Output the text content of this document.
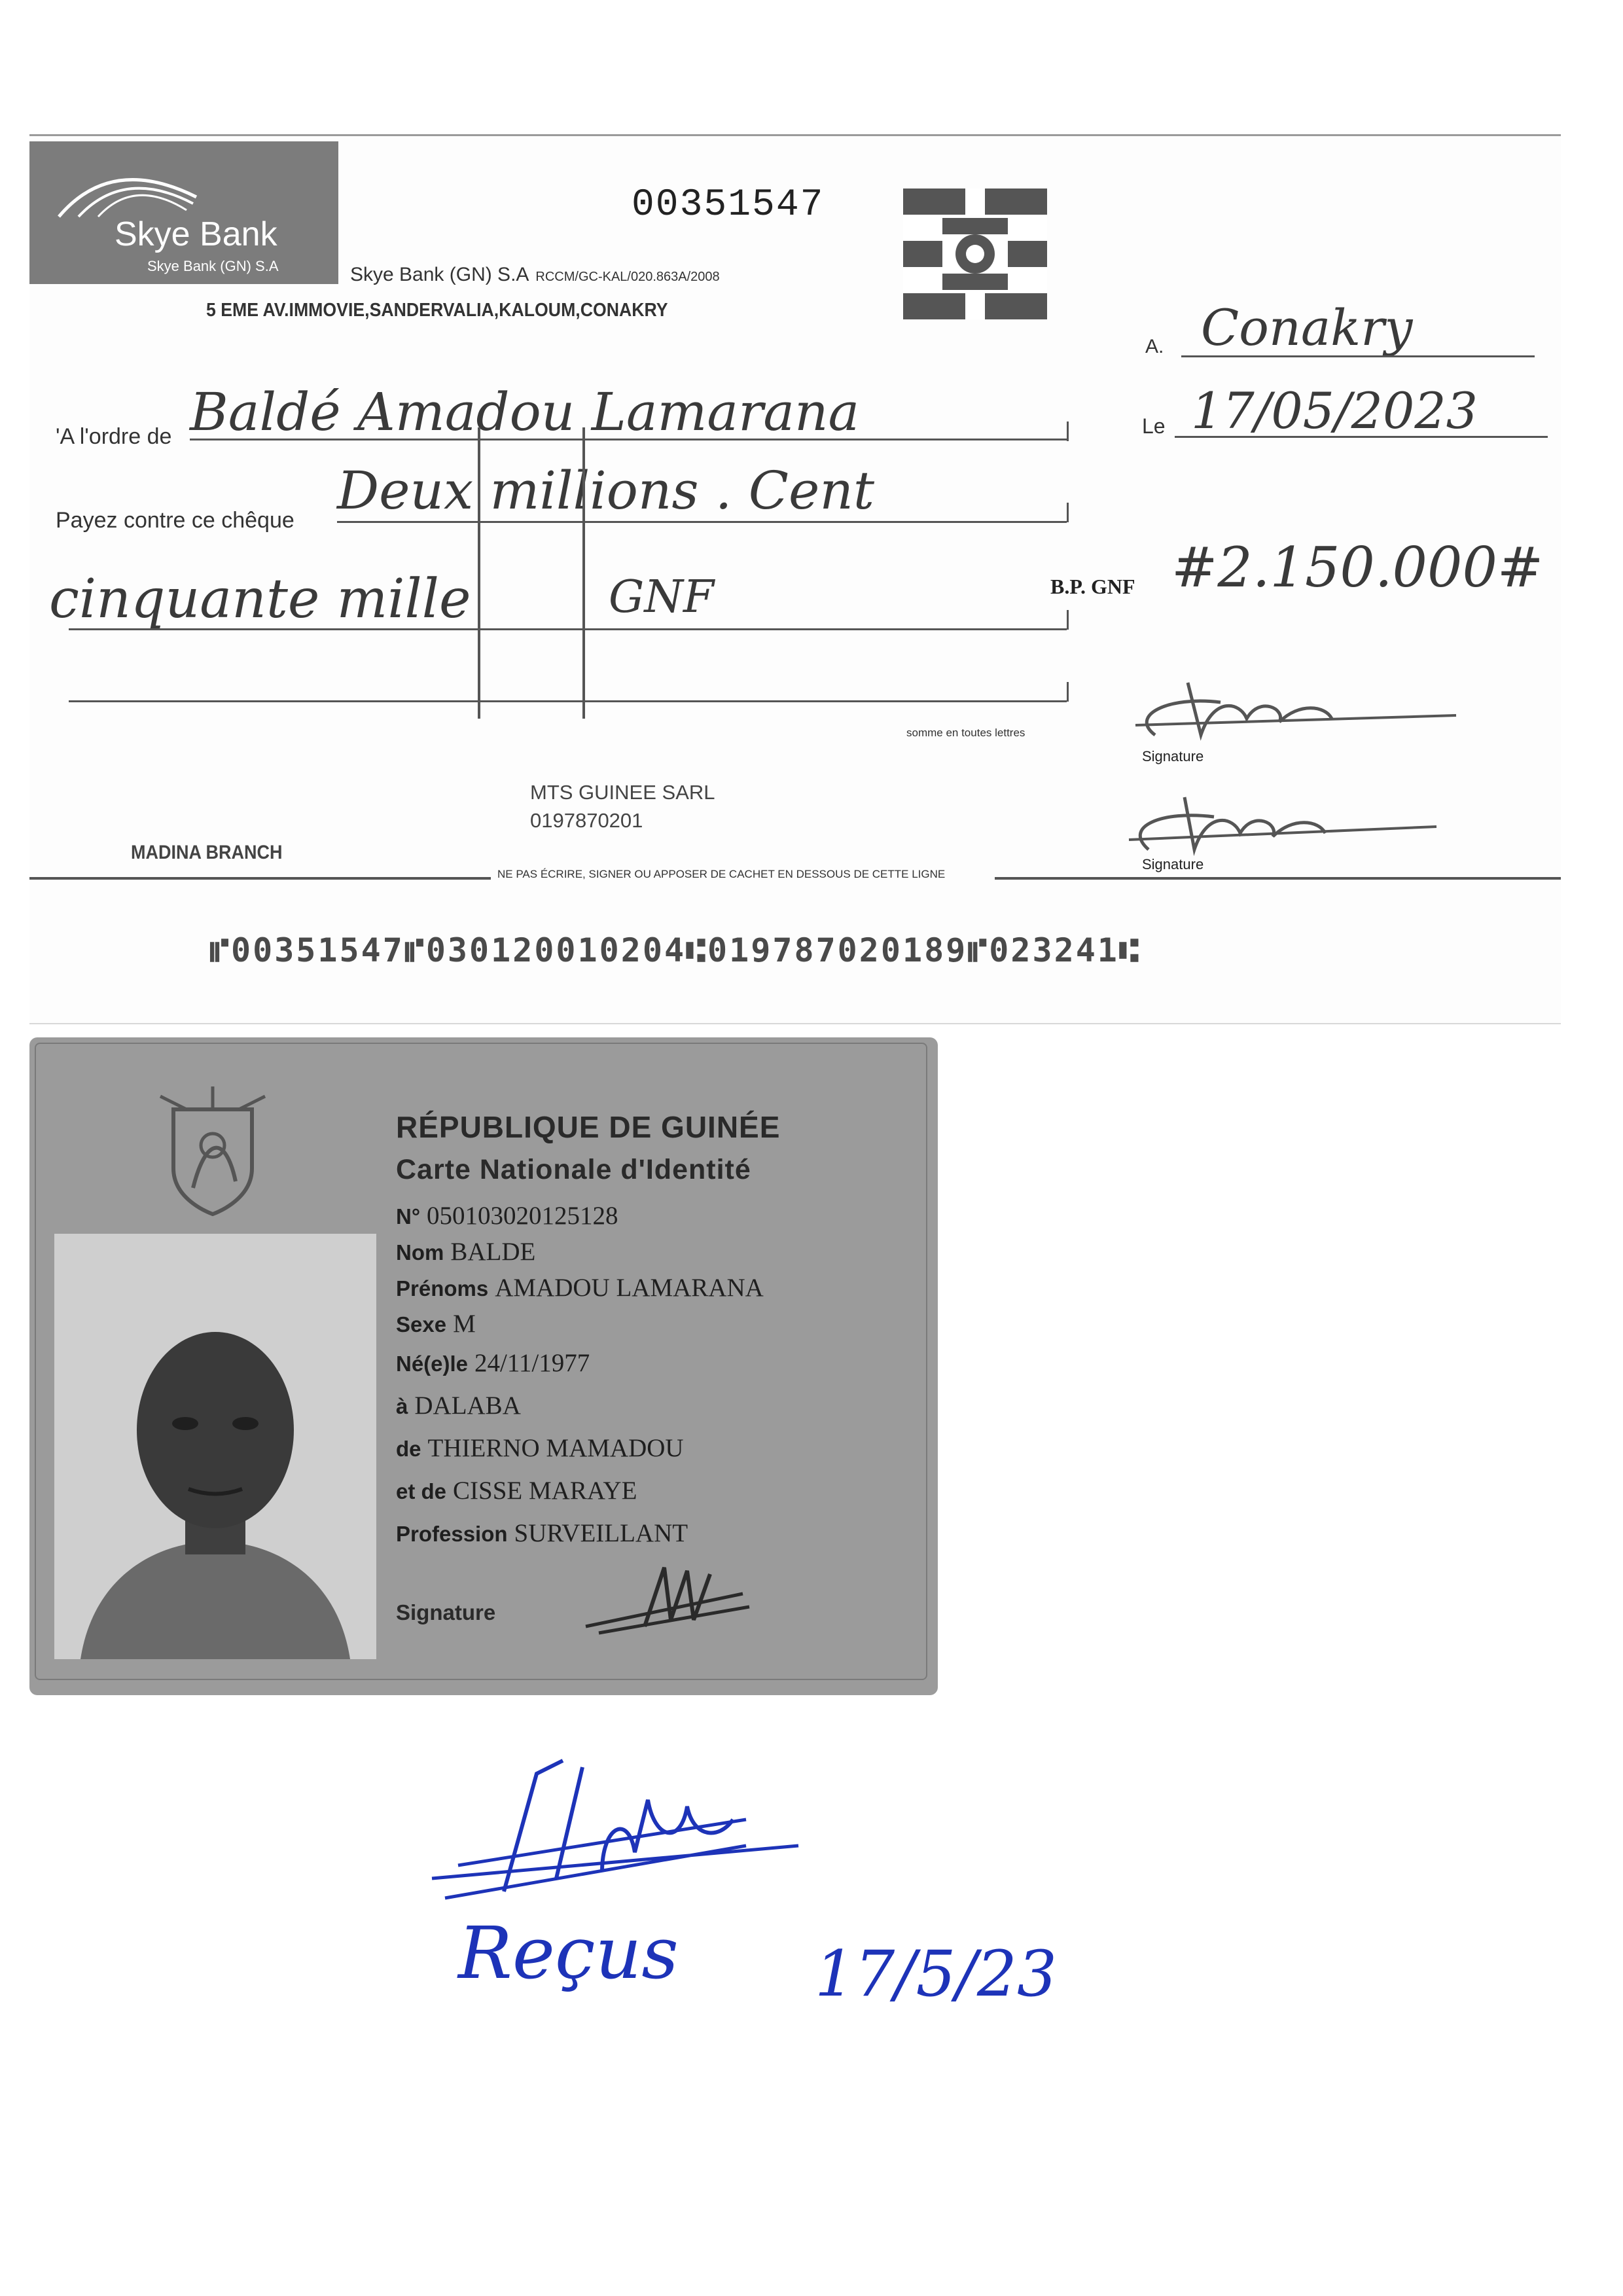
Skye Bank
Skye Bank (GN) S.A
00351547
Skye Bank (GN) S.A RCCM/GC-KAL/020.863A/2008
5 EME AV.IMMOVIE,SANDERVALIA,KALOUM,CONAKRY
A. Conakry
Le 17/05/2023
'A l'ordre de Baldé Amadou Lamarana
Payez contre ce chêque Deux millions . Cent
cinquante mille	GNF
somme en toutes lettres
B.P. GNF #2.150.000#
Signature
Signature
MTS GUINEE SARL
0197870201
MADINA BRANCH
NE PAS ÉCRIRE, SIGNER OU APPOSER DE CACHET EN DESSOUS DE CETTE LIGNE
⑈00351547⑈030120010204⑆01978702018​9⑈023241⑆
RÉPUBLIQUE DE GUINÉE
Carte Nationale d'Identité
N° 050103020125128
Nom BALDE
Prénoms AMADOU LAMARANA
Sexe M
Né(e)le 24/11/1977
à DALABA
de THIERNO MAMADOU
et de CISSE MARAYE
Profession SURVEILLANT
Signature
Reçus 17/5/23
